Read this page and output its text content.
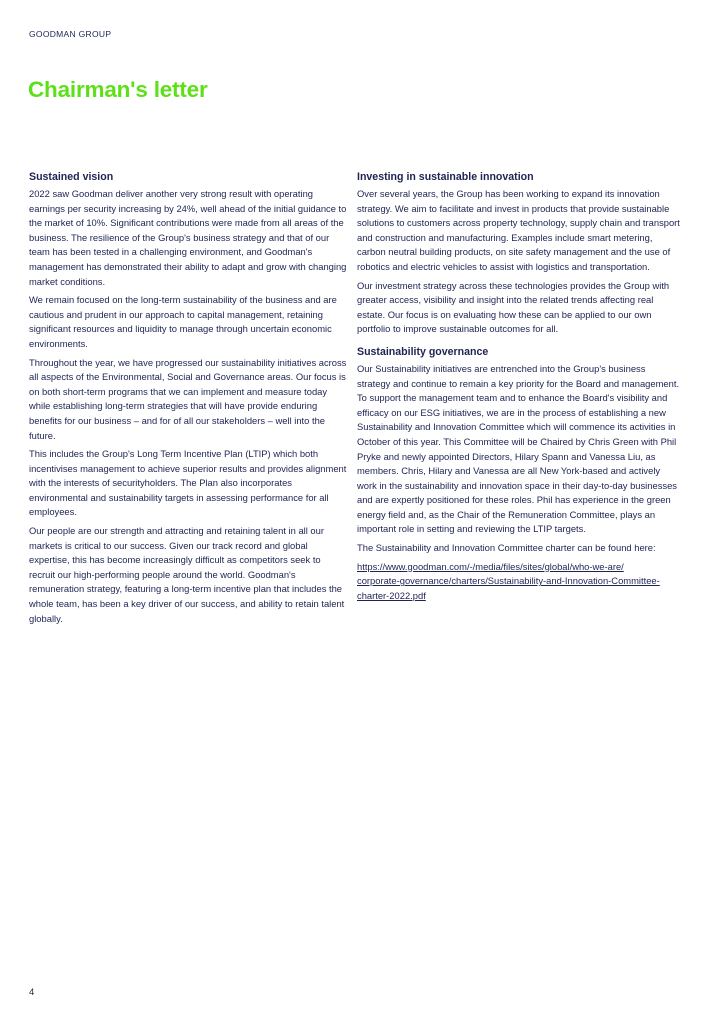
GOODMAN GROUP
Chairman's letter
Sustained vision

2022 saw Goodman deliver another very strong result with operating earnings per security increasing by 24%, well ahead of the initial guidance to the market of 10%. Significant contributions were made from all areas of the business. The resilience of the Group's business strategy and that of our team has been tested in a challenging environment, and Goodman's management has demonstrated their ability to adapt and grow with changing market conditions.

We remain focused on the long-term sustainability of the business and are cautious and prudent in our approach to capital management, retaining significant resources and liquidity to manage through uncertain economic environments.

Throughout the year, we have progressed our sustainability initiatives across all aspects of the Environmental, Social and Governance areas. Our focus is on both short-term programs that we can implement and measure today while establishing long-term strategies that will have provide enduring benefits for our business – and for of all our stakeholders – well into the future.

This includes the Group's Long Term Incentive Plan (LTIP) which both incentivises management to achieve superior results and provides alignment with the interests of securityholders. The Plan also incorporates environmental and sustainability targets in assessing performance for all employees.

Our people are our strength and attracting and retaining talent in all our markets is critical to our success. Given our track record and global expertise, this has become increasingly difficult as competitors seek to recruit our high-performing people around the world. Goodman's remuneration strategy, featuring a long-term incentive plan that includes the whole team, has been a key driver of our success, and ability to retain talent globally.

Investing in sustainable innovation

Over several years, the Group has been working to expand its innovation strategy. We aim to facilitate and invest in products that provide sustainable solutions to customers across property technology, supply chain and transport and construction and manufacturing. Examples include smart metering, carbon neutral building products, on site safety management and the use of robotics and electric vehicles to assist with logistics and transportation.

Our investment strategy across these technologies provides the Group with greater access, visibility and insight into the related trends affecting real estate. Our focus is on evaluating how these can be applied to our own portfolio to improve sustainable outcomes for all.

Sustainability governance

Our Sustainability initiatives are entrenched into the Group's business strategy and continue to remain a key priority for the Board and management. To support the management team and to enhance the Board's visibility and efficacy on our ESG initiatives, we are in the process of establishing a new Sustainability and Innovation Committee which will commence its activities in October of this year. This Committee will be Chaired by Chris Green with Phil Pryke and newly appointed Directors, Hilary Spann and Vanessa Liu, as members. Chris, Hilary and Vanessa are all New York-based and actively work in the sustainability and innovation space in their day-to-day businesses and are expertly positioned for these roles. Phil has experience in the green energy field and, as the Chair of the Remuneration Committee, plays an important role in setting and reviewing the LTIP targets.

The Sustainability and Innovation Committee charter can be found here:

https://www.goodman.com/-/media/files/sites/global/who-we-are/
corporate-governance/charters/Sustainability-and-Innovation-Committee-
charter-2022.pdf
4
